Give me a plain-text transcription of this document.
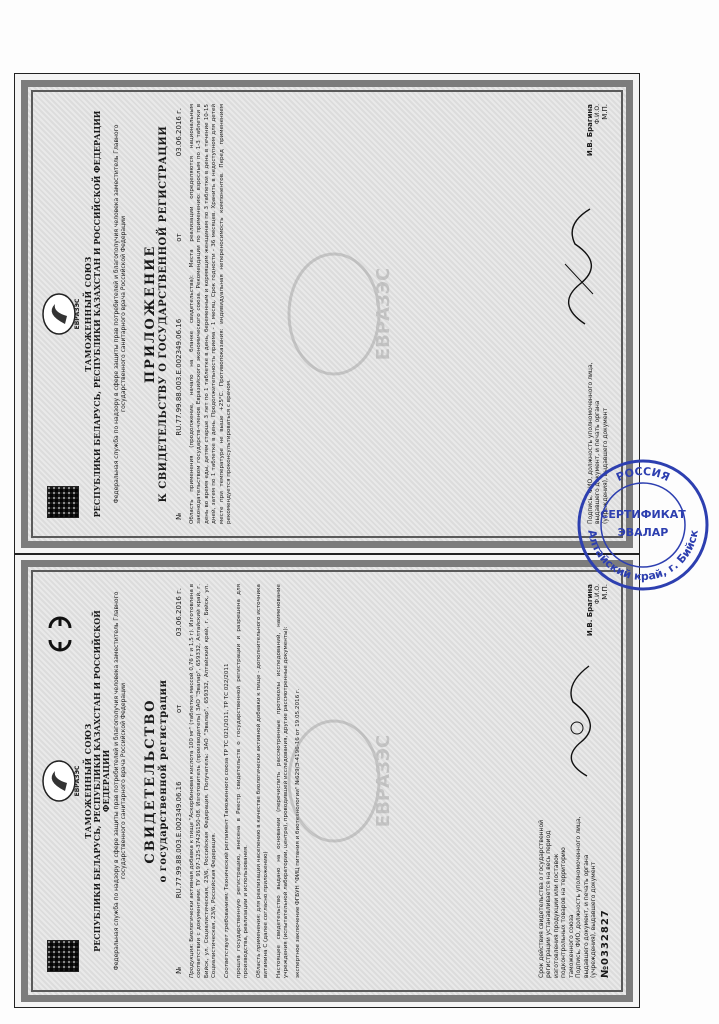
ЕВРАЗЭС ТАМОЖЕННЫЙ СОЮЗ РЕСПУБЛИКИ БЕЛАРУСЬ, РЕСПУБЛИКИ КАЗАХСТАН И РОССИЙСКОЙ ФЕДЕРАЦИИ Федеральная служба по надзору в сфере защиты прав потребителей и благополучия человека заместитель Главного государственного санитарного врача Российской Федерации ПРИЛОЖЕНИЕ К СВИДЕТЕЛЬСТВУ О ГОСУДАРСТВЕННОЙ РЕГИСТРАЦИИ
№
RU.77.99.88.003.E.002349.06.16
от
03.06.2016 г. Область применения (продолжение, начало на бланке свидетельства): Места реализации определяются национальным законодательством государств-членов Евразийского экономического союза. Рекомендации по применению: взрослым по 1-3 таблетки в день во время еды, детям старше 3 лет по 1 таблетке в день, беременным и кормящим женщинам по 3 таблетки в день в течение 10-15 дней, затем по 1 таблетке в день. Продолжительность приема - 1 месяц. Срок годности - 36 месяцев. Хранить в недоступном для детей месте при температуре не выше +25°С. Противопоказания: индивидуальная непереносимость компонентов. Перед применением рекомендуется проконсультироваться с врачом.
ЕВРАЗЭС
Подпись, ФИО, должность уполномоченного лица, выдавшего документ, и печать органа (учреждения), выдавшего документ
И.В. Брагина Ф.И.О. М.П.
ЕВРАЗЭС ТАМОЖЕННЫЙ СОЮЗ РЕСПУБЛИКИ БЕЛАРУСЬ, РЕСПУБЛИКИ КАЗАХСТАН И РОССИЙСКОЙ ФЕДЕРАЦИИ Федеральная служба по надзору в сфере защиты прав потребителей и благополучия человека заместитель Главного государственного санитарного врача Российской Федерации СВИДЕТЕЛЬСТВО о государственной регистрации
№
RU.77.99.88.003.E.002349.06.16
от
03.06.2016 г.
Продукция: Биологически активная добавка к пище "Аскорбиновая кислота 100 мг" (таблетки массой 0,76 г и 1,5 г). Изготовлена в соответствии с документами: ТУ 9197-125-37426150-08. Изготовитель (производитель) ЗАО "Эвалар", 659332, Алтайский край, г. Бийск, ул. Социалистическая, 23/6, Российская Федерация. Получатель: ЗАО "Эвалар", 659332, Алтайский край, г. Бийск, ул. Социалистическая, 23/6, Российская Федерация. Соответствует требованиям: Технический регламент Таможенного союза ТР ТС 021/2011, ТР ТС 022/2011 прошла государственную регистрацию, внесена в Реестр свидетельств о государственной регистрации и разрешена для производства, реализации и использования. Область применения: для реализации населению в качестве биологически активной добавки к пище - дополнительного источника витамина С (далее согласно приложению) Настоящее свидетельство выдано на основании (перечислить рассмотренные протоколы исследований, наименование учреждения (испытательной лаборатории, центра), проводившей исследования, другие рассмотренные документы): экспертное заключение ФГБУН "ФИЦ питания и биотехнологии" №629/Э-4196-16 от 19.05.2016 г.	ЕВРАЗЭС
Срок действия свидетельства о государственной регистрации устанавливается на весь период изготовления продукции или поставок подконтрольных товаров на территорию таможенного союза Подпись, ФИО, должность уполномоченного лица, выдавшего документ, и печать органа (учреждения), выдавшего документ №0332827
И.В. Брагина Ф.И.О. М.П.
РОССИЯ
Алтайский край, г. Бийск
СЕРТИФИКАТ
ЭВАЛАР
